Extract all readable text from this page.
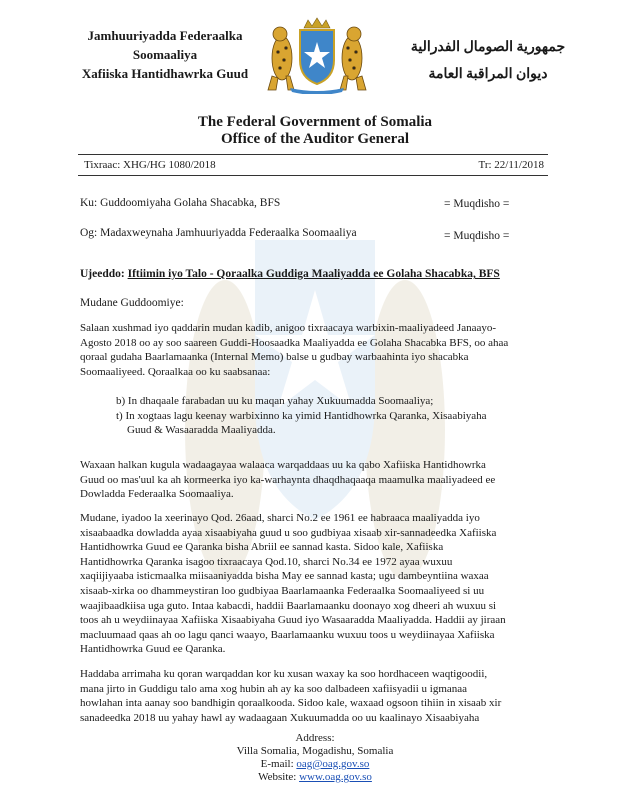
Jamhuuriyadda Federaalka
Soomaaliya
Xafiiska Hantidhawrka Guud
جمهورية الصومال الفدرالية
ديوان المراقبة العامة
The Federal Government of Somalia
Office of the Auditor General
Tixraac: XHG/HG 1080/2018	Tr: 22/11/2018
Ku: Guddoomiyaha Golaha Shacabka, BFS	= Muqdisho =
Og: Madaxweynaha Jamhuuriyadda Federaalka Soomaaliya	= Muqdisho =
Ujeeddo: Iftiimin iyo Talo - Qoraalka Guddiga Maaliyadda ee Golaha Shacabka, BFS
Mudane Guddoomiye:
Salaan xushmad iyo qaddarin mudan kadib, anigoo tixraacaya warbixin-maaliyadeed Janaayo-
Agosto 2018 oo ay soo saareen Guddi-Hoosaadka Maaliyadda ee Golaha Shacabka BFS, oo ahaa
qoraal gudaha Baarlamaanka (Internal Memo) balse u gudbay warbaahinta iyo shacabka
Soomaaliyeed. Qoraalkaa oo ku saabsanaa:
b) In dhaqaale farabadan uu ku maqan yahay Xukuumadda Soomaaliya;
t) In xogtaas lagu keenay warbixinno ka yimid Hantidhowrka Qaranka, Xisaabiyaha
Guud & Wasaaradda Maaliyadda.
Waxaan halkan kugula wadaagayaa walaaca warqaddaas uu ka qabo Xafiiska Hantidhowrka
Guud oo mas'uul ka ah kormeerka iyo ka-warhaynta dhaqdhaqaaqa maamulka maaliyadeed ee
Dowladda Federaalka Soomaaliya.
Mudane, iyadoo la xeerinayo Qod. 26aad, sharci No.2 ee 1961 ee habraaca maaliyadda iyo
xisaabaadka dowladda ayaa xisaabiyaha guud u soo gudbiyaa xisaab xir-sannadeedka Xafiiska
Hantidhowrka Guud ee Qaranka bisha Abriil ee sannad kasta. Sidoo kale, Xafiiska
Hantidhowrka Qaranka isagoo tixraacaya Qod.10, sharci No.34 ee 1972 ayaa wuxuu
xaqiijiyaaba isticmaalka miisaaniyadda bisha May ee sannad kasta; ugu dambeyntiina waxaa
xisaab-xirka oo dhammeystiran loo gudbiyaa Baarlamaanka Federaalka Soomaaliyeed si uu
waajibaadkiisa uga guto. Intaa kabacdi, haddii Baarlamaanku doonayo xog dheeri ah wuxuu si
toos ah u weydiinayaa Xafiiska Xisaabiyaha Guud iyo Wasaaradda Maaliyadda. Haddii ay jiraan
macluumaad qaas ah oo lagu qanci waayo, Baarlamaanku wuxuu toos u weydiinayaa Xafiiska
Hantidhowrka Guud ee Qaranka.
Haddaba arrimaha ku qoran warqaddan kor ku xusan waxay ka soo hordhaceen waqtigoodii,
mana jirto in Guddigu talo ama xog hubin ah ay ka soo dalbadeen xafiisyadii u igmanaa
howlahan inta aanay soo bandhigin qoraalkooda. Sidoo kale, waxaad ogsoon tihiin in xisaab xir
sanadeedka 2018 uu yahay hawl ay wadaagaan Xukuumadda oo uu kaalinayo Xisaabiyaha
Address:
Villa Somalia, Mogadishu, Somalia
E-mail: oag@oag.gov.so
Website: www.oag.gov.so
